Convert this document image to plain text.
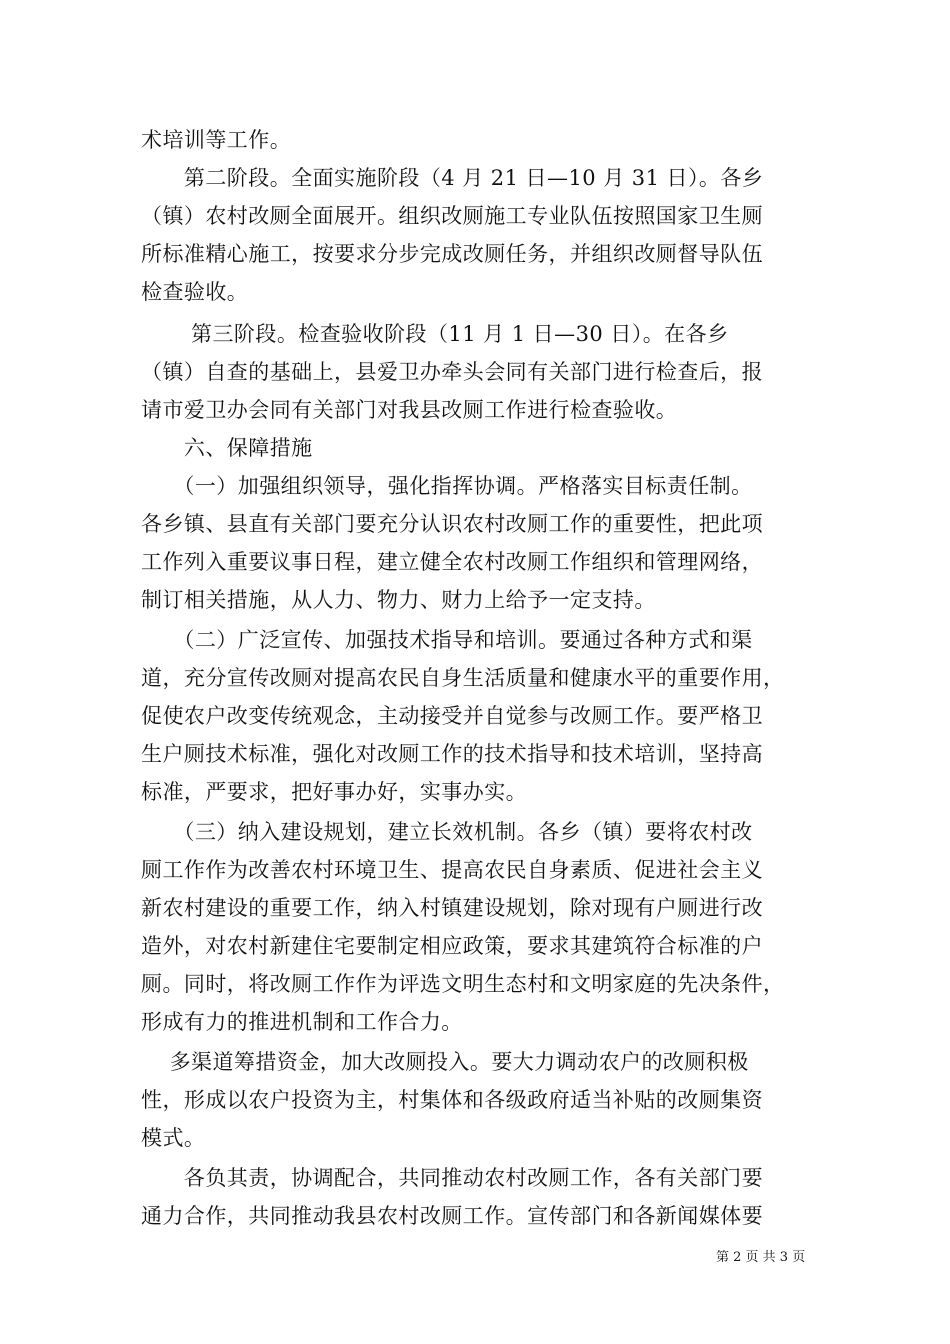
术培训等工作。
　　第二阶段。全面实施阶段（4 月 21 日—10 月 31 日）。各乡
（镇）农村改厕全面展开。组织改厕施工专业队伍按照国家卫生厕
所标准精心施工，按要求分步完成改厕任务，并组织改厕督导队伍
检查验收。
　　 第三阶段。检查验收阶段（11 月 1 日—30 日）。在各乡
（镇）自查的基础上，县爱卫办牵头会同有关部门进行检查后，报
请市爱卫办会同有关部门对我县改厕工作进行检查验收。
　　六、保障措施
　　（一）加强组织领导，强化指挥协调。严格落实目标责任制。
各乡镇、县直有关部门要充分认识农村改厕工作的重要性，把此项
工作列入重要议事日程，建立健全农村改厕工作组织和管理网络，
制订相关措施，从人力、物力、财力上给予一定支持。
　　（二）广泛宣传、加强技术指导和培训。要通过各种方式和渠
道，充分宣传改厕对提高农民自身生活质量和健康水平的重要作用，
促使农户改变传统观念，主动接受并自觉参与改厕工作。要严格卫
生户厕技术标准，强化对改厕工作的技术指导和技术培训，坚持高
标准，严要求，把好事办好，实事办实。
　　（三）纳入建设规划，建立长效机制。各乡（镇）要将农村改
厕工作作为改善农村环境卫生、提高农民自身素质、促进社会主义
新农村建设的重要工作，纳入村镇建设规划，除对现有户厕进行改
造外，对农村新建住宅要制定相应政策，要求其建筑符合标准的户
厕。同时，将改厕工作作为评选文明生态村和文明家庭的先决条件，
形成有力的推进机制和工作合力。
　 多渠道筹措资金，加大改厕投入。要大力调动农户的改厕积极
性，形成以农户投资为主，村集体和各级政府适当补贴的改厕集资
模式。
　　各负其责，协调配合，共同推动农村改厕工作，各有关部门要
通力合作，共同推动我县农村改厕工作。宣传部门和各新闻媒体要
第 2 页 共 3 页
